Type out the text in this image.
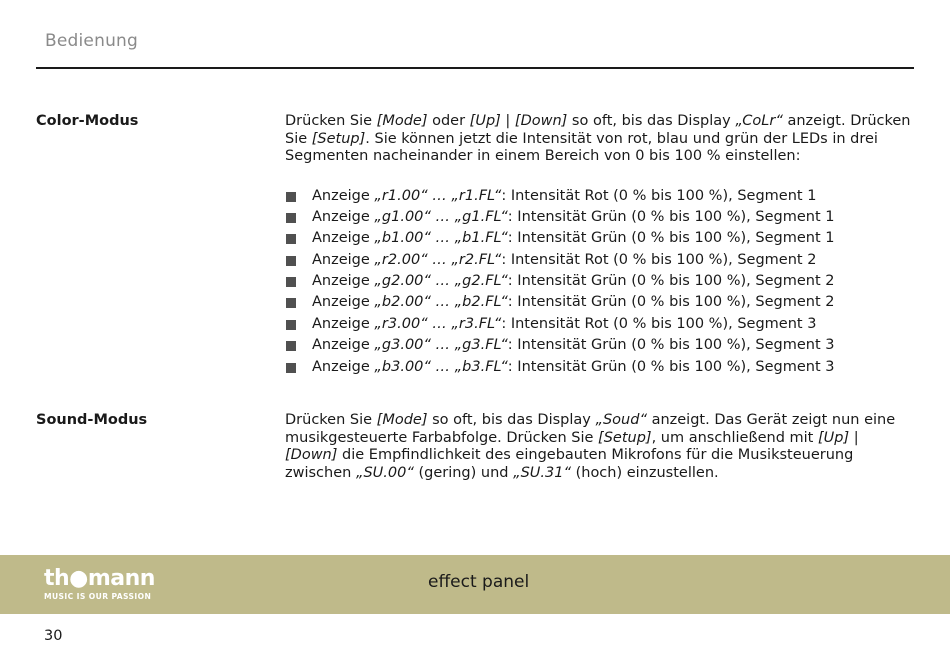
Bedienung
Color-Modus	Drücken Sie [Mode] oder [Up] | [Down] so oft, bis das Display „CoLr“ anzeigt. Drücken Sie [Setup]. Sie können jetzt die Intensität von rot, blau und grün der LEDs in drei Segmenten nacheinander in einem Bereich von 0 bis 100 % einstellen:

Anzeige „r1.00“ … „r1.FL“: Intensität Rot (0 % bis 100 %), Segment 1
Anzeige „g1.00“ … „g1.FL“: Intensität Grün (0 % bis 100 %), Segment 1
Anzeige „b1.00“ … „b1.FL“: Intensität Grün (0 % bis 100 %), Segment 1
Anzeige „r2.00“ … „r2.FL“: Intensität Rot (0 % bis 100 %), Segment 2
Anzeige „g2.00“ … „g2.FL“: Intensität Grün (0 % bis 100 %), Segment 2
Anzeige „b2.00“ … „b2.FL“: Intensität Grün (0 % bis 100 %), Segment 2
Anzeige „r3.00“ … „r3.FL“: Intensität Rot (0 % bis 100 %), Segment 3
Anzeige „g3.00“ … „g3.FL“: Intensität Grün (0 % bis 100 %), Segment 3
Anzeige „b3.00“ … „b3.FL“: Intensität Grün (0 % bis 100 %), Segment 3
Sound-Modus	Drücken Sie [Mode] so oft, bis das Display „Soud“ anzeigt. Das Gerät zeigt nun eine musikgesteuerte Farbabfolge. Drücken Sie [Setup], um anschließend mit [Up] | [Down] die Empfindlichkeit des eingebauten Mikrofons für die Musiksteuerung zwischen „SU.00“ (gering) und „SU.31“ (hoch) einzustellen.

th●mann
MUSIC IS OUR PASSION
effect panel
30
